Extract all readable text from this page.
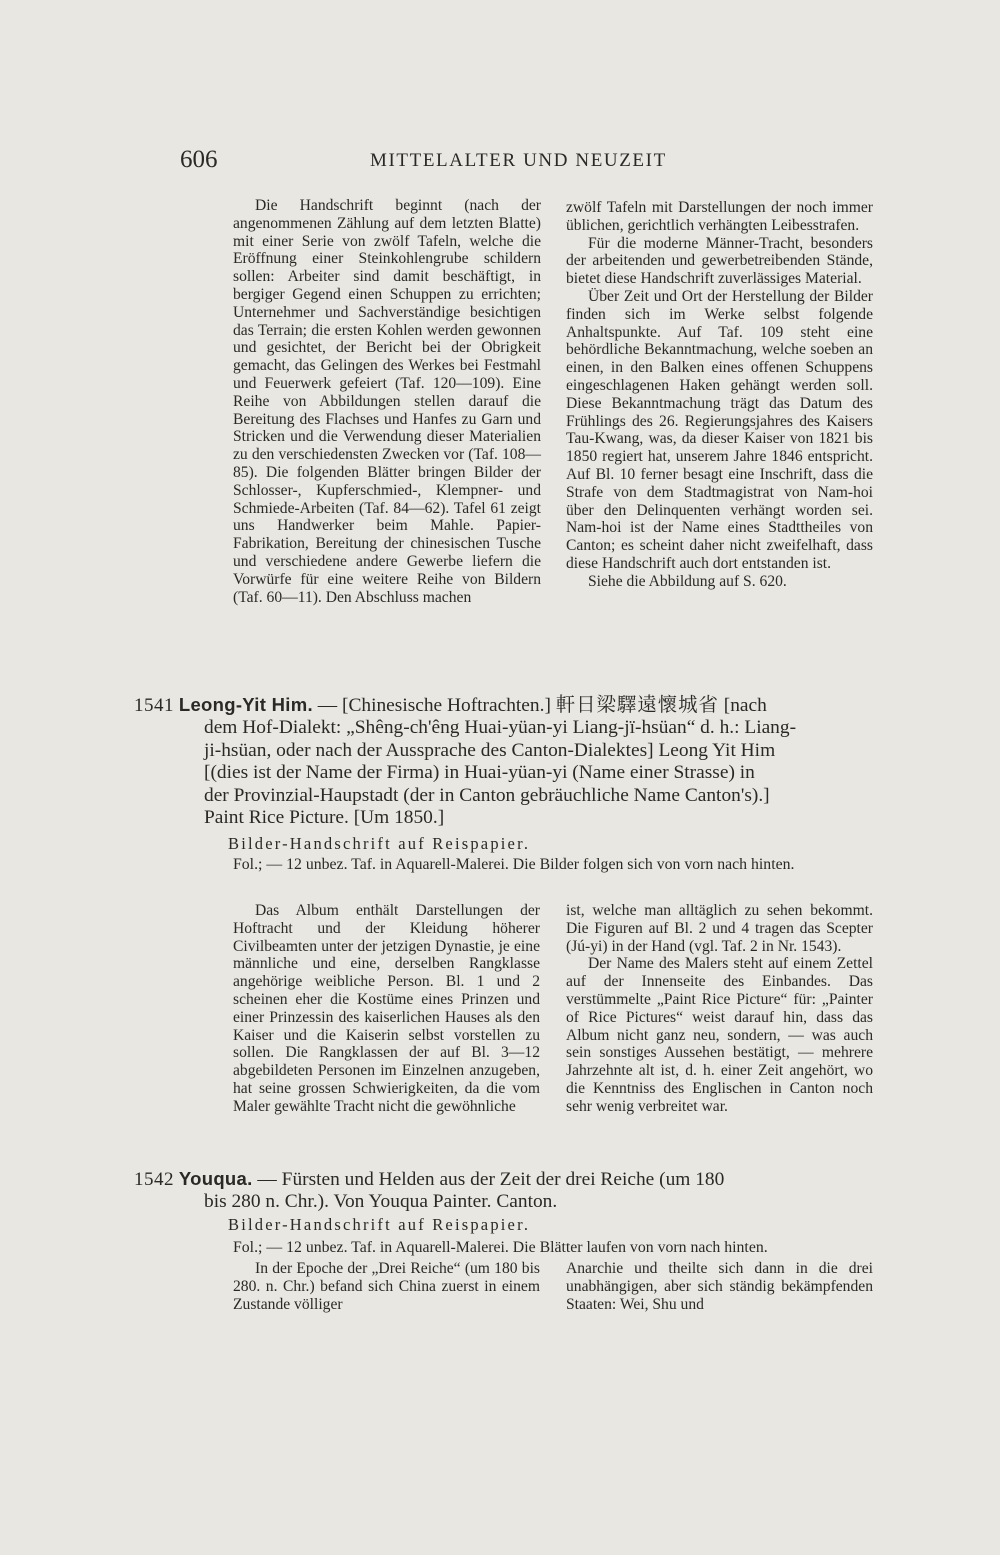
606	MITTELALTER UND NEUZEIT

Die Handschrift beginnt (nach der angenommenen Zählung auf dem letzten Blatte) mit einer Serie von zwölf Tafeln, welche die Eröffnung einer Steinkohlengrube schildern sollen: Arbeiter sind damit beschäftigt, in bergiger Gegend einen Schuppen zu errichten; Unternehmer und Sachverständige besichtigen das Terrain; die ersten Kohlen werden gewonnen und gesichtet, der Bericht bei der Obrigkeit gemacht, das Gelingen des Werkes bei Festmahl und Feuerwerk gefeiert (Taf. 120—109). Eine Reihe von Abbildungen stellen darauf die Bereitung des Flachses und Hanfes zu Garn und Stricken und die Verwendung dieser Materialien zu den verschiedensten Zwecken vor (Taf. 108—85). Die folgenden Blätter bringen Bilder der Schlosser-, Kupferschmied-, Klempner- und Schmiede-Arbeiten (Taf. 84—62). Tafel 61 zeigt uns Handwerker beim Mahle. Papier-Fabrikation, Bereitung der chinesischen Tusche und verschiedene andere Gewerbe liefern die Vorwürfe für eine weitere Reihe von Bildern (Taf. 60—11). Den Abschluss machen

zwölf Tafeln mit Darstellungen der noch immer üblichen, gerichtlich verhängten Leibesstrafen.

Für die moderne Männer-Tracht, besonders der arbeitenden und gewerbetreibenden Stände, bietet diese Handschrift zuverlässiges Material.

Über Zeit und Ort der Herstellung der Bilder finden sich im Werke selbst folgende Anhaltspunkte. Auf Taf. 109 steht eine behördliche Bekanntmachung, welche soeben an einen, in den Balken eines offenen Schuppens eingeschlagenen Haken gehängt werden soll. Diese Bekanntmachung trägt das Datum des Frühlings des 26. Regierungsjahres des Kaisers Tau-Kwang, was, da dieser Kaiser von 1821 bis 1850 regiert hat, unserem Jahre 1846 entspricht. Auf Bl. 10 ferner besagt eine Inschrift, dass die Strafe von dem Stadtmagistrat von Nam-hoi über den Delinquenten verhängt worden sei. Nam-hoi ist der Name eines Stadttheiles von Canton; es scheint daher nicht zweifelhaft, dass diese Handschrift auch dort entstanden ist.

Siehe die Abbildung auf S. 620.

1541 Leong-Yit Him. — [Chinesische Hoftrachten.] 軒日梁驛遠懷城省 [nach

dem Hof-Dialekt: „Shêng-ch'êng Huai-yüan-yi Liang-jï-hsüan“ d. h.: Liang-

ji-hsüan, oder nach der Aussprache des Canton-Dialektes] Leong Yit Him

[(dies ist der Name der Firma) in Huai-yüan-yi (Name einer Strasse) in

der Provinzial-Haupstadt (der in Canton gebräuchliche Name Canton's).]

Paint Rice Picture. [Um 1850.]

Bilder-Handschrift auf Reispapier.
Fol.; — 12 unbez. Taf. in Aquarell-Malerei. Die Bilder folgen sich von vorn nach hinten.

Das Album enthält Darstellungen der Hoftracht und der Kleidung höherer Civilbeamten unter der jetzigen Dynastie, je eine männliche und eine, derselben Rangklasse angehörige weibliche Person. Bl. 1 und 2 scheinen eher die Kostüme eines Prinzen und einer Prinzessin des kaiserlichen Hauses als den Kaiser und die Kaiserin selbst vorstellen zu sollen. Die Rangklassen der auf Bl. 3—12 abgebildeten Personen im Einzelnen anzugeben, hat seine grossen Schwierigkeiten, da die vom Maler gewählte Tracht nicht die gewöhnliche

ist, welche man alltäglich zu sehen bekommt. Die Figuren auf Bl. 2 und 4 tragen das Scepter (Jú-yi) in der Hand (vgl. Taf. 2 in Nr. 1543).

Der Name des Malers steht auf einem Zettel auf der Innenseite des Einbandes. Das verstümmelte „Paint Rice Picture“ für: „Painter of Rice Pictures“ weist darauf hin, dass das Album nicht ganz neu, sondern, — was auch sein sonstiges Aussehen bestätigt, — mehrere Jahrzehnte alt ist, d. h. einer Zeit angehört, wo die Kenntniss des Englischen in Canton noch sehr wenig verbreitet war.

1542 Youqua. — Fürsten und Helden aus der Zeit der drei Reiche (um 180

bis 280 n. Chr.). Von Youqua Painter. Canton.

Bilder-Handschrift auf Reispapier.
Fol.; — 12 unbez. Taf. in Aquarell-Malerei. Die Blätter laufen von vorn nach hinten.

In der Epoche der „Drei Reiche“ (um 180 bis 280. n. Chr.) befand sich China zuerst in einem Zustande völliger

Anarchie und theilte sich dann in die drei unabhängigen, aber sich ständig bekämpfenden Staaten: Wei, Shu und
